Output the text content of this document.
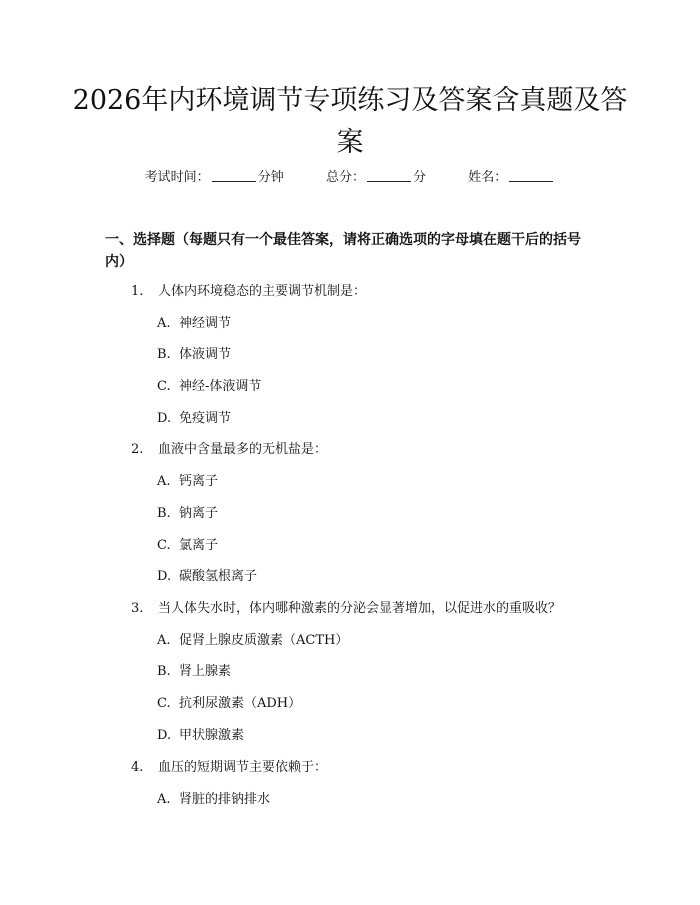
2026年内环境调节专项练习及答案含真题及答案
考试时间：	分钟	总分：	分	姓名：
一、选择题（每题只有一个最佳答案，请将正确选项的字母填在题干后的括号内）
1. 人体内环境稳态的主要调节机制是：
A. 神经调节
B. 体液调节
C. 神经-体液调节
D. 免疫调节
2. 血液中含量最多的无机盐是：
A. 钙离子
B. 钠离子
C. 氯离子
D. 碳酸氢根离子
3. 当人体失水时，体内哪种激素的分泌会显著增加，以促进水的重吸收？
A. 促肾上腺皮质激素（ACTH）
B. 肾上腺素
C. 抗利尿激素（ADH）
D. 甲状腺激素
4. 血压的短期调节主要依赖于：
A. 肾脏的排钠排水
